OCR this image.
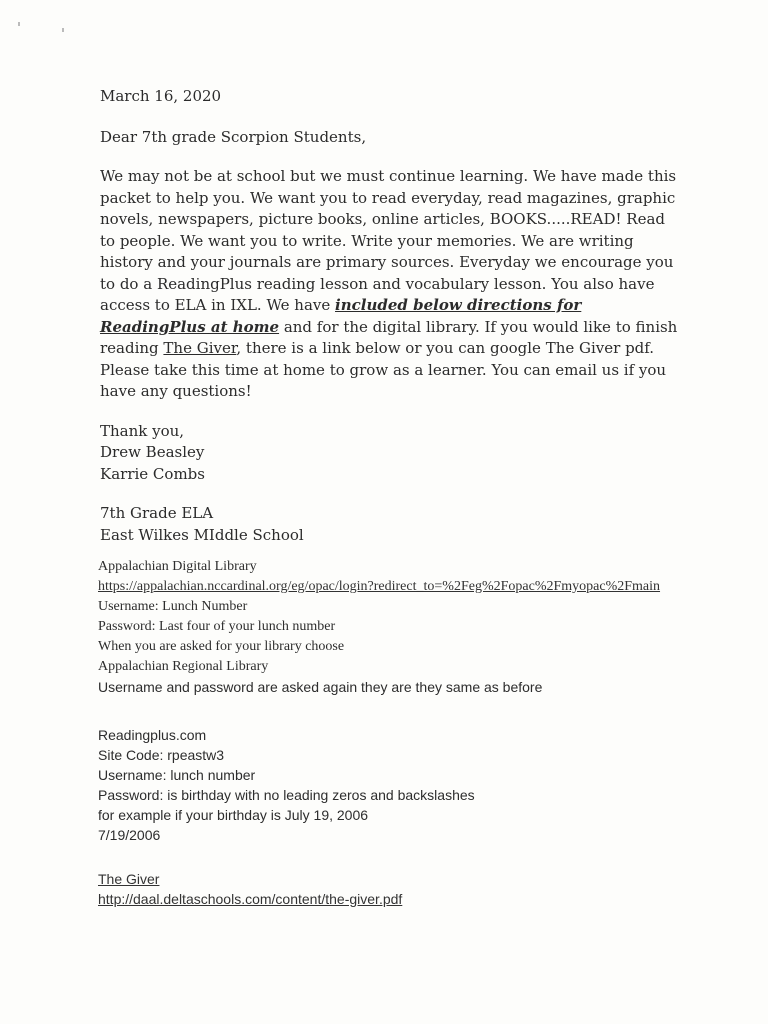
March 16, 2020
Dear 7th grade Scorpion Students,
We may not be at school but we must continue learning. We have made this packet to help you. We want you to read everyday, read magazines, graphic novels, newspapers, picture books, online articles, BOOKS.....READ! Read to people. We want you to write. Write your memories. We are writing history and your journals are primary sources. Everyday we encourage you to do a ReadingPlus reading lesson and vocabulary lesson. You also have access to ELA in IXL. We have included below directions for ReadingPlus at home and for the digital library. If you would like to finish reading The Giver, there is a link below or you can google The Giver pdf. Please take this time at home to grow as a learner. You can email us if you have any questions!
Thank you,
Drew Beasley
Karrie Combs
7th Grade ELA
East Wilkes MIddle School
Appalachian Digital Library
https://appalachian.nccardinal.org/eg/opac/login?redirect_to=%2Feg%2Fopac%2Fmyopac%2Fmain
Username: Lunch Number
Password: Last four of your lunch number
When you are asked for your library choose
Appalachian Regional Library
Username and password are asked again they are they same as before
Readingplus.com
Site Code: rpeastw3
Username: lunch number
Password: is birthday with no leading zeros and backslashes
for example if your birthday is July 19, 2006
7/19/2006
The Giver
http://daal.deltaschools.com/content/the-giver.pdf
